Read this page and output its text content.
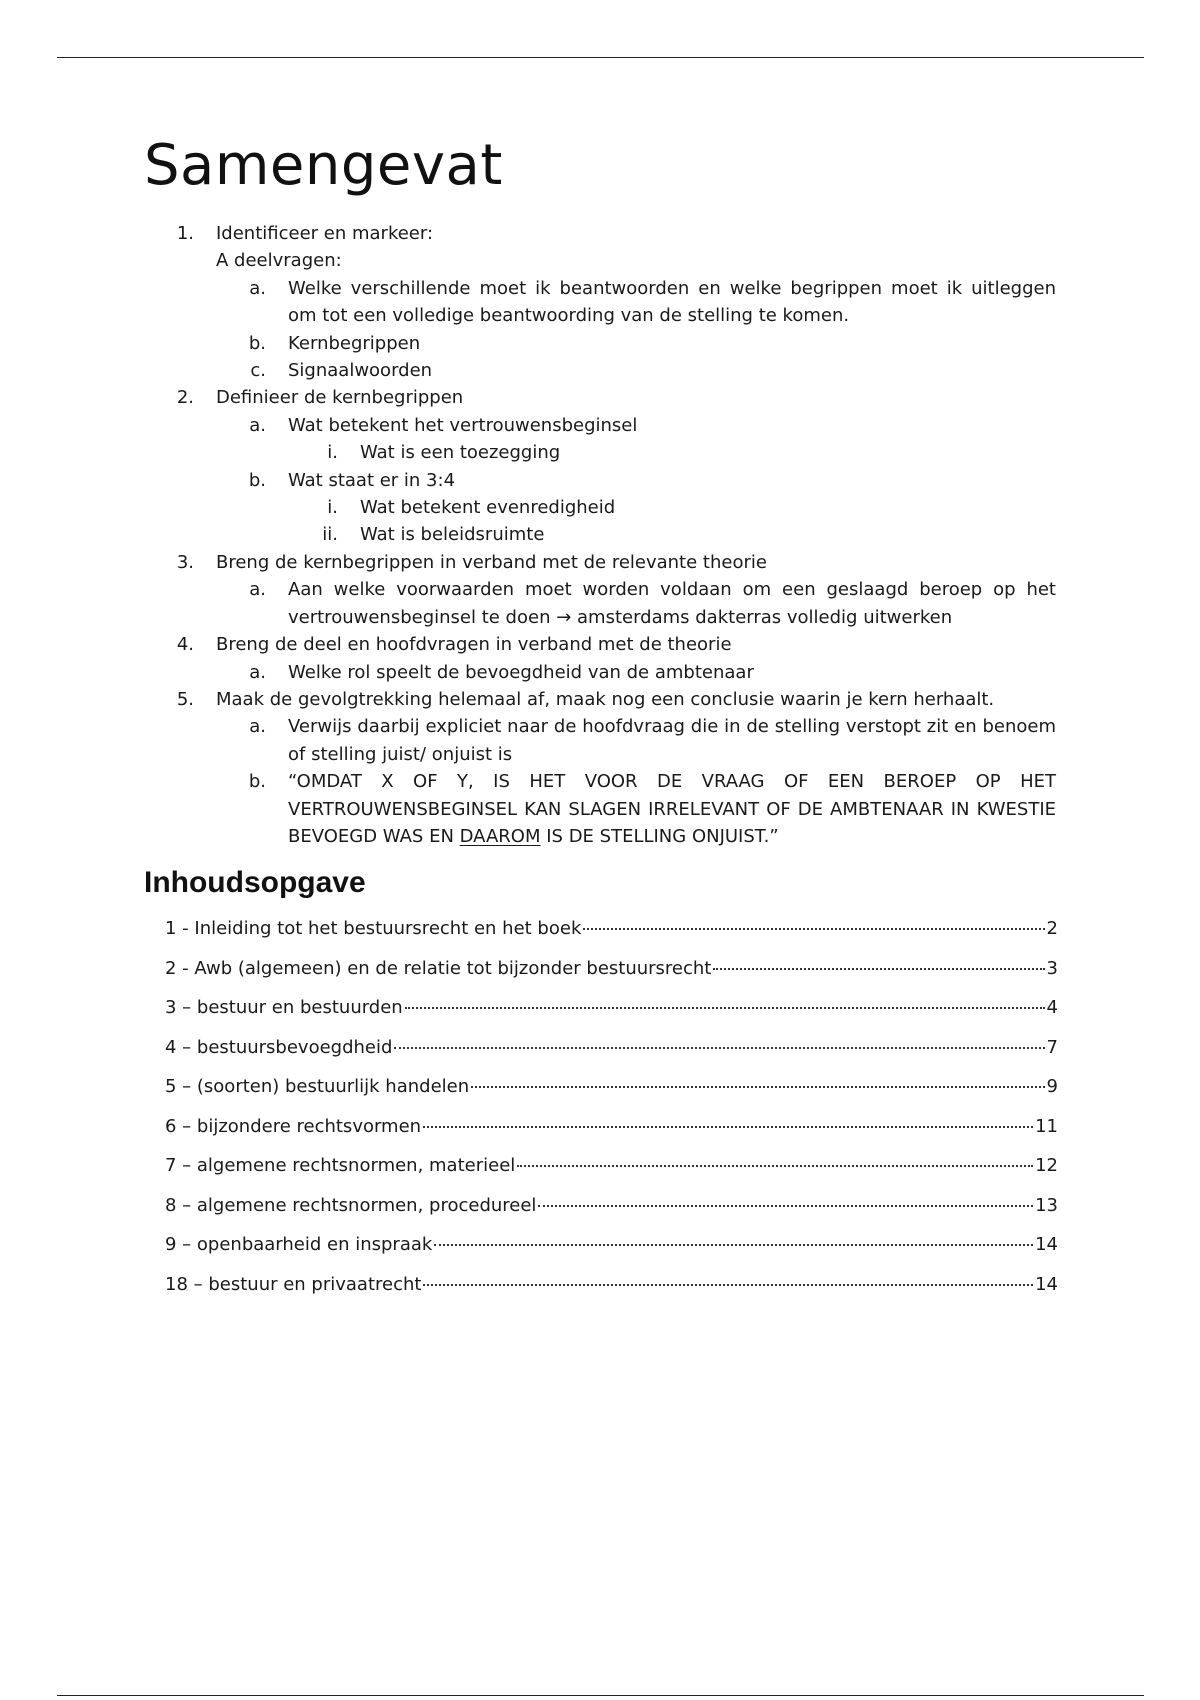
Samengevat
1. Identificeer en markeer:
A deelvragen:
a. Welke verschillende moet ik beantwoorden en welke begrippen moet ik uitleggen om tot een volledige beantwoording van de stelling te komen.
b. Kernbegrippen
c. Signaalwoorden
2. Definieer de kernbegrippen
a. Wat betekent het vertrouwensbeginsel
i. Wat is een toezegging
b. Wat staat er in 3:4
i. Wat betekent evenredigheid
ii. Wat is beleidsruimte
3. Breng de kernbegrippen in verband met de relevante theorie
a. Aan welke voorwaarden moet worden voldaan om een geslaagd beroep op het vertrouwensbeginsel te doen → amsterdams dakterras volledig uitwerken
4. Breng de deel en hoofdvragen in verband met de theorie
a. Welke rol speelt de bevoegdheid van de ambtenaar
5. Maak de gevolgtrekking helemaal af, maak nog een conclusie waarin je kern herhaalt.
a. Verwijs daarbij expliciet naar de hoofdvraag die in de stelling verstopt zit en benoem of stelling juist/ onjuist is
b. “OMDAT X OF Y, IS HET VOOR DE VRAAG OF EEN BEROEP OP HET VERTROUWENSBEGINSEL KAN SLAGEN IRRELEVANT OF DE AMBTENAAR IN KWESTIE BEVOEGD WAS EN DAAROM IS DE STELLING ONJUIST.”
Inhoudsopgave
1 - Inleiding tot het bestuursrecht en het boek	2
2 - Awb (algemeen) en de relatie tot bijzonder bestuursrecht	3
3 – bestuur en bestuurden	4
4 – bestuursbevoegdheid	7
5 – (soorten) bestuurlijk handelen	9
6 – bijzondere rechtsvormen	11
7 – algemene rechtsnormen, materieel	12
8 – algemene rechtsnormen, procedureel	13
9 – openbaarheid en inspraak	14
18 – bestuur en privaatrecht	14
